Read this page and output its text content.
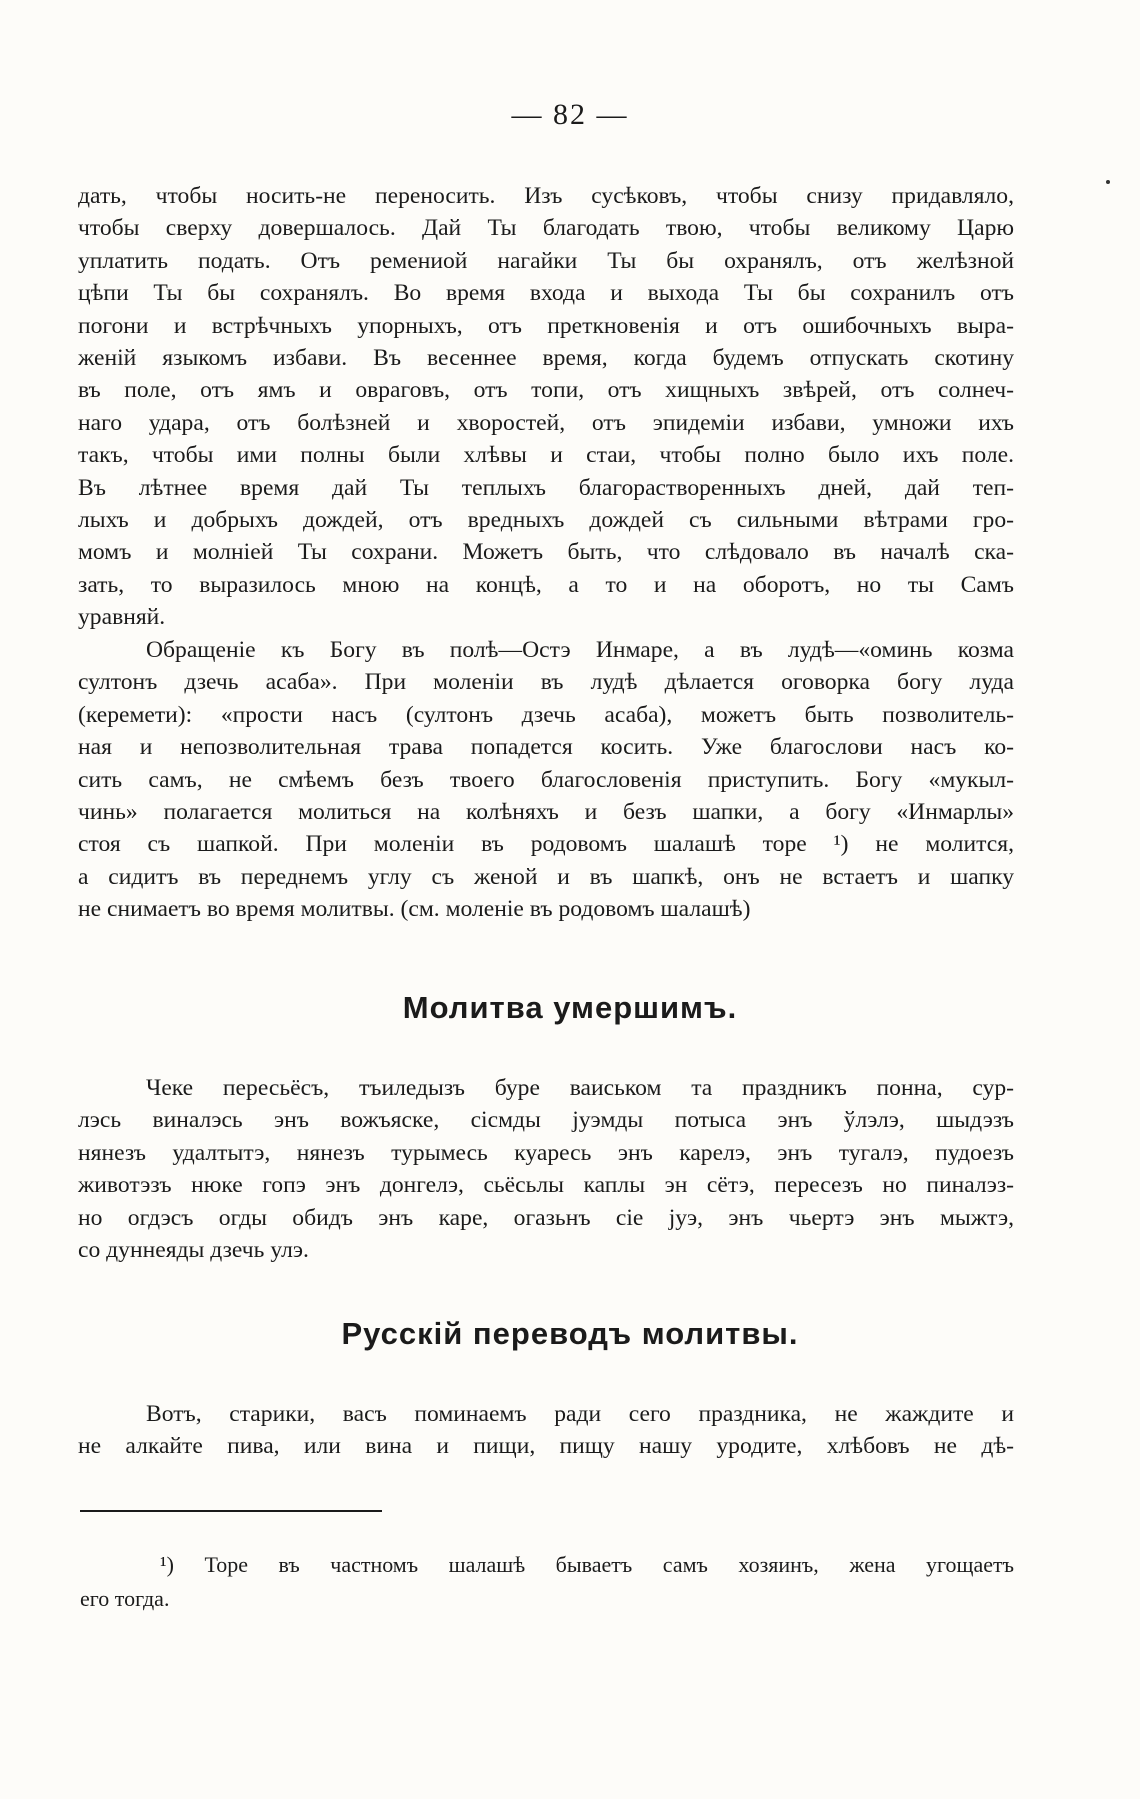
— 82 —
дать, чтобы носить-не переносить. Изъ сусѣковъ, чтобы снизу придавляло,
чтобы сверху довершалось. Дай Ты благодать твою, чтобы великому Царю
уплатить подать. Отъ ремениой нагайки Ты бы охранялъ, отъ желѣзной
цѣпи Ты бы сохранялъ. Во время входа и выхода Ты бы сохранилъ отъ
погони и встрѣчныхъ упорныхъ, отъ преткновенія и отъ ошибочныхъ выра-
женій языкомъ избави. Въ весеннее время, когда будемъ отпускать скотину
въ поле, отъ ямъ и овраговъ, отъ топи, отъ хищныхъ звѣрей, отъ солнеч-
наго удара, отъ болѣзней и хворостей, отъ эпидеміи избави, умножи ихъ
такъ, чтобы ими полны были хлѣвы и стаи, чтобы полно было ихъ поле.
Въ лѣтнее время дай Ты теплыхъ благорастворенныхъ дней, дай теп-
лыхъ и добрыхъ дождей, отъ вредныхъ дождей съ сильными вѣтрами гро-
момъ и молніей Ты сохрани. Можетъ быть, что слѣдовало въ началѣ ска-
зать, то выразилось мною на концѣ, а то и на оборотъ, но ты Самъ
уравняй.
Обращеніе къ Богу въ полѣ—Остэ Инмаре, а въ лудѣ—«оминь козма
султонъ дзечь асаба». При моленіи въ лудѣ дѣлается оговорка богу луда
(керемети): «прости насъ (султонъ дзечь асаба), можетъ быть позволитель-
ная и непозволительная трава попадется косить. Уже благослови насъ ко-
сить самъ, не смѣемъ безъ твоего благословенія приступить. Богу «мукыл-
чинь» полагается молиться на колѣняхъ и безъ шапки, а богу «Инмарлы»
стоя съ шапкой. При моленіи въ родовомъ шалашѣ торе ¹) не молится,
а сидитъ въ переднемъ углу съ женой и въ шапкѣ, онъ не встаетъ и шапку
не снимаетъ во время молитвы. (см. моленіе въ родовомъ шалашѣ)
Молитва умершимъ.
Чеке пересьёсъ, тъиледызъ буре ваиськом та праздникъ понна, сур-
лэсь виналэсь энъ вожъяске, сiсмды jуэмды потыса энъ ўлэлэ, шыдэзъ
нянезъ удалтытэ, нянезъ турымесь куаресь энъ карелэ, энъ тугалэ, пудоезъ
животэзъ нюке гопэ энъ донгелэ, сьёсьлы каплы эн сётэ, пересезъ но пиналэз-
но огдэсъ огды обидъ энъ каре, огазьнъ сiе jуэ, энъ чьертэ энъ мыжтэ,
со дуннеяды дзечь улэ.
Русскій переводъ молитвы.
Вотъ, старики, васъ поминаемъ ради сего праздника, не жаждите и
не алкайте пива, или вина и пищи, пищу нашу уродите, хлѣбовъ не дѣ-
¹) Торе въ частномъ шалашѣ бываетъ самъ хозяинъ, жена угощаетъ
его тогда.
